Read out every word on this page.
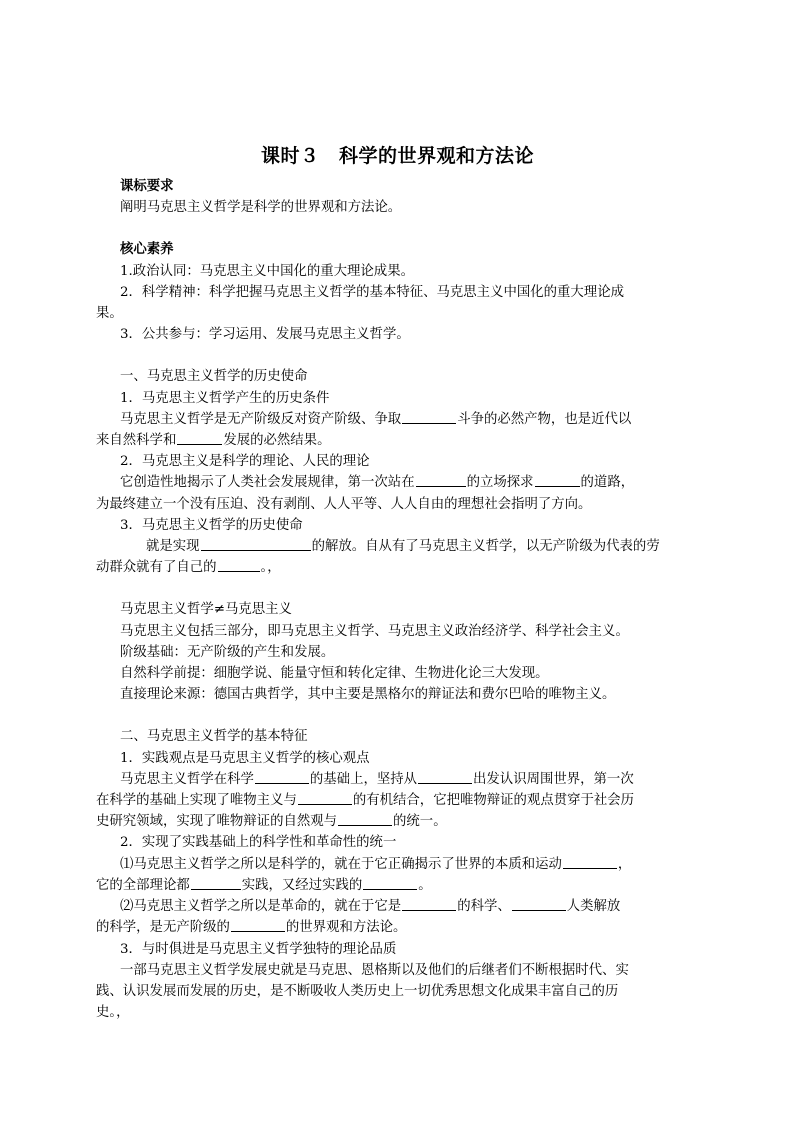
课时３　科学的世界观和方法论

课标要求

阐明马克思主义哲学是科学的世界观和方法论。

核心素养

1.政治认同：马克思主义中国化的重大理论成果。

2．科学精神：科学把握马克思主义哲学的基本特征、马克思主义中国化的重大理论成

果。

3．公共参与：学习运用、发展马克思主义哲学。

一、马克思主义哲学的历史使命

1．马克思主义哲学产生的历史条件

马克思主义哲学是无产阶级反对资产阶级、争取	斗争的必然产物，也是近代以

来自然科学和	发展的必然结果。

2．马克思主义是科学的理论、人民的理论

它创造性地揭示了人类社会发展规律，第一次站在	的立场探求	的道路，

为最终建立一个没有压迫、没有剥削、人人平等、人人自由的理想社会指明了方向。

3．马克思主义哲学的历史使命

就是实现	的解放。自从有了马克思主义哲学，以无产阶级为代表的劳

动群众就有了自己的	。，

马克思主义哲学≠马克思主义

马克思主义包括三部分，即马克思主义哲学、马克思主义政治经济学、科学社会主义。

阶级基础：无产阶级的产生和发展。

自然科学前提：细胞学说、能量守恒和转化定律、生物进化论三大发现。

直接理论来源：德国古典哲学，其中主要是黑格尔的辩证法和费尔巴哈的唯物主义。

二、马克思主义哲学的基本特征

1．实践观点是马克思主义哲学的核心观点

马克思主义哲学在科学	的基础上，坚持从	出发认识周围世界，第一次

在科学的基础上实现了唯物主义与	的有机结合，它把唯物辩证的观点贯穿于社会历

史研究领域，实现了唯物辩证的自然观与	的统一。

2．实现了实践基础上的科学性和革命性的统一

⑴马克思主义哲学之所以是科学的，就在于它正确揭示了世界的本质和运动	，

它的全部理论都	实践，又经过实践的	。

⑵马克思主义哲学之所以是革命的，就在于它是	的科学、	人类解放

的科学，是无产阶级的	的世界观和方法论。

3．与时俱进是马克思主义哲学独特的理论品质

一部马克思主义哲学发展史就是马克思、恩格斯以及他们的后继者们不断根据时代、实

践、认识发展而发展的历史，是不断吸收人类历史上一切优秀思想文化成果丰富自己的历

史。，
